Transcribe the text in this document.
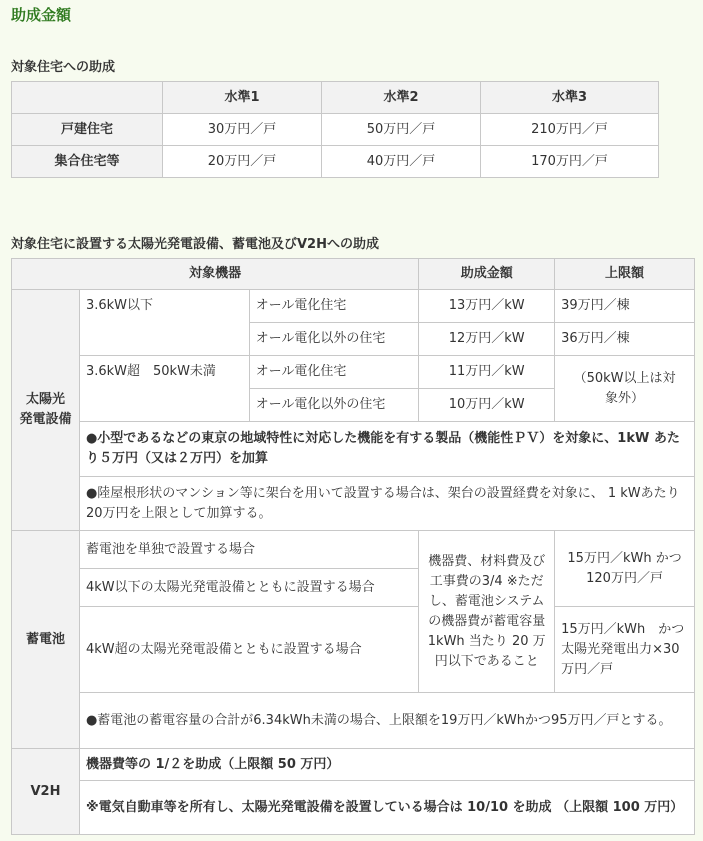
助成金額
対象住宅への助成
	水準1	水準2	水準3
戸建住宅	30万円／戸	50万円／戸	210万円／戸
集合住宅等	20万円／戸	40万円／戸	170万円／戸
対象住宅に設置する太陽光発電設備、蓄電池及びV2Hへの助成
対象機器			助成金額	上限額
太陽光
発電設備	3.6kW以下	オール電化住宅	13万円／kW	39万円／棟
		オール電化以外の住宅	12万円／kW	36万円／棟
	3.6kW超　50kW未満	オール電化住宅	11万円／kW	（50kW以上は対象外）
		オール電化以外の住宅	10万円／kW	
	●小型であるなどの東京の地域特性に対応した機能を有する製品（機能性ＰＶ）を対象に、1kW あたり５万円（又は２万円）を加算			
	●陸屋根形状のマンション等に架台を用いて設置する場合は、架台の設置経費を対象に、 1 kWあたり20万円を上限として加算する。			
蓄電池	蓄電池を単独で設置する場合		機器費、材料費及び工事費の3/4 ※ただし、蓄電池システムの機器費が蓄電容量 1kWh 当たり 20 万円以下であること	15万円／kWh かつ 120万円／戸
	4kW以下の太陽光発電設備とともに設置する場合			
	4kW超の太陽光発電設備とともに設置する場合			15万円／kWh　かつ太陽光発電出力×30万円／戸
	●蓄電池の蓄電容量の合計が6.34kWh未満の場合、上限額を19万円／kWhかつ95万円／戸とする。			
V2H	機器費等の 1/２を助成（上限額 50 万円）			
	※電気自動車等を所有し、太陽光発電設備を設置している場合は 10/10 を助成 （上限額 100 万円）			
